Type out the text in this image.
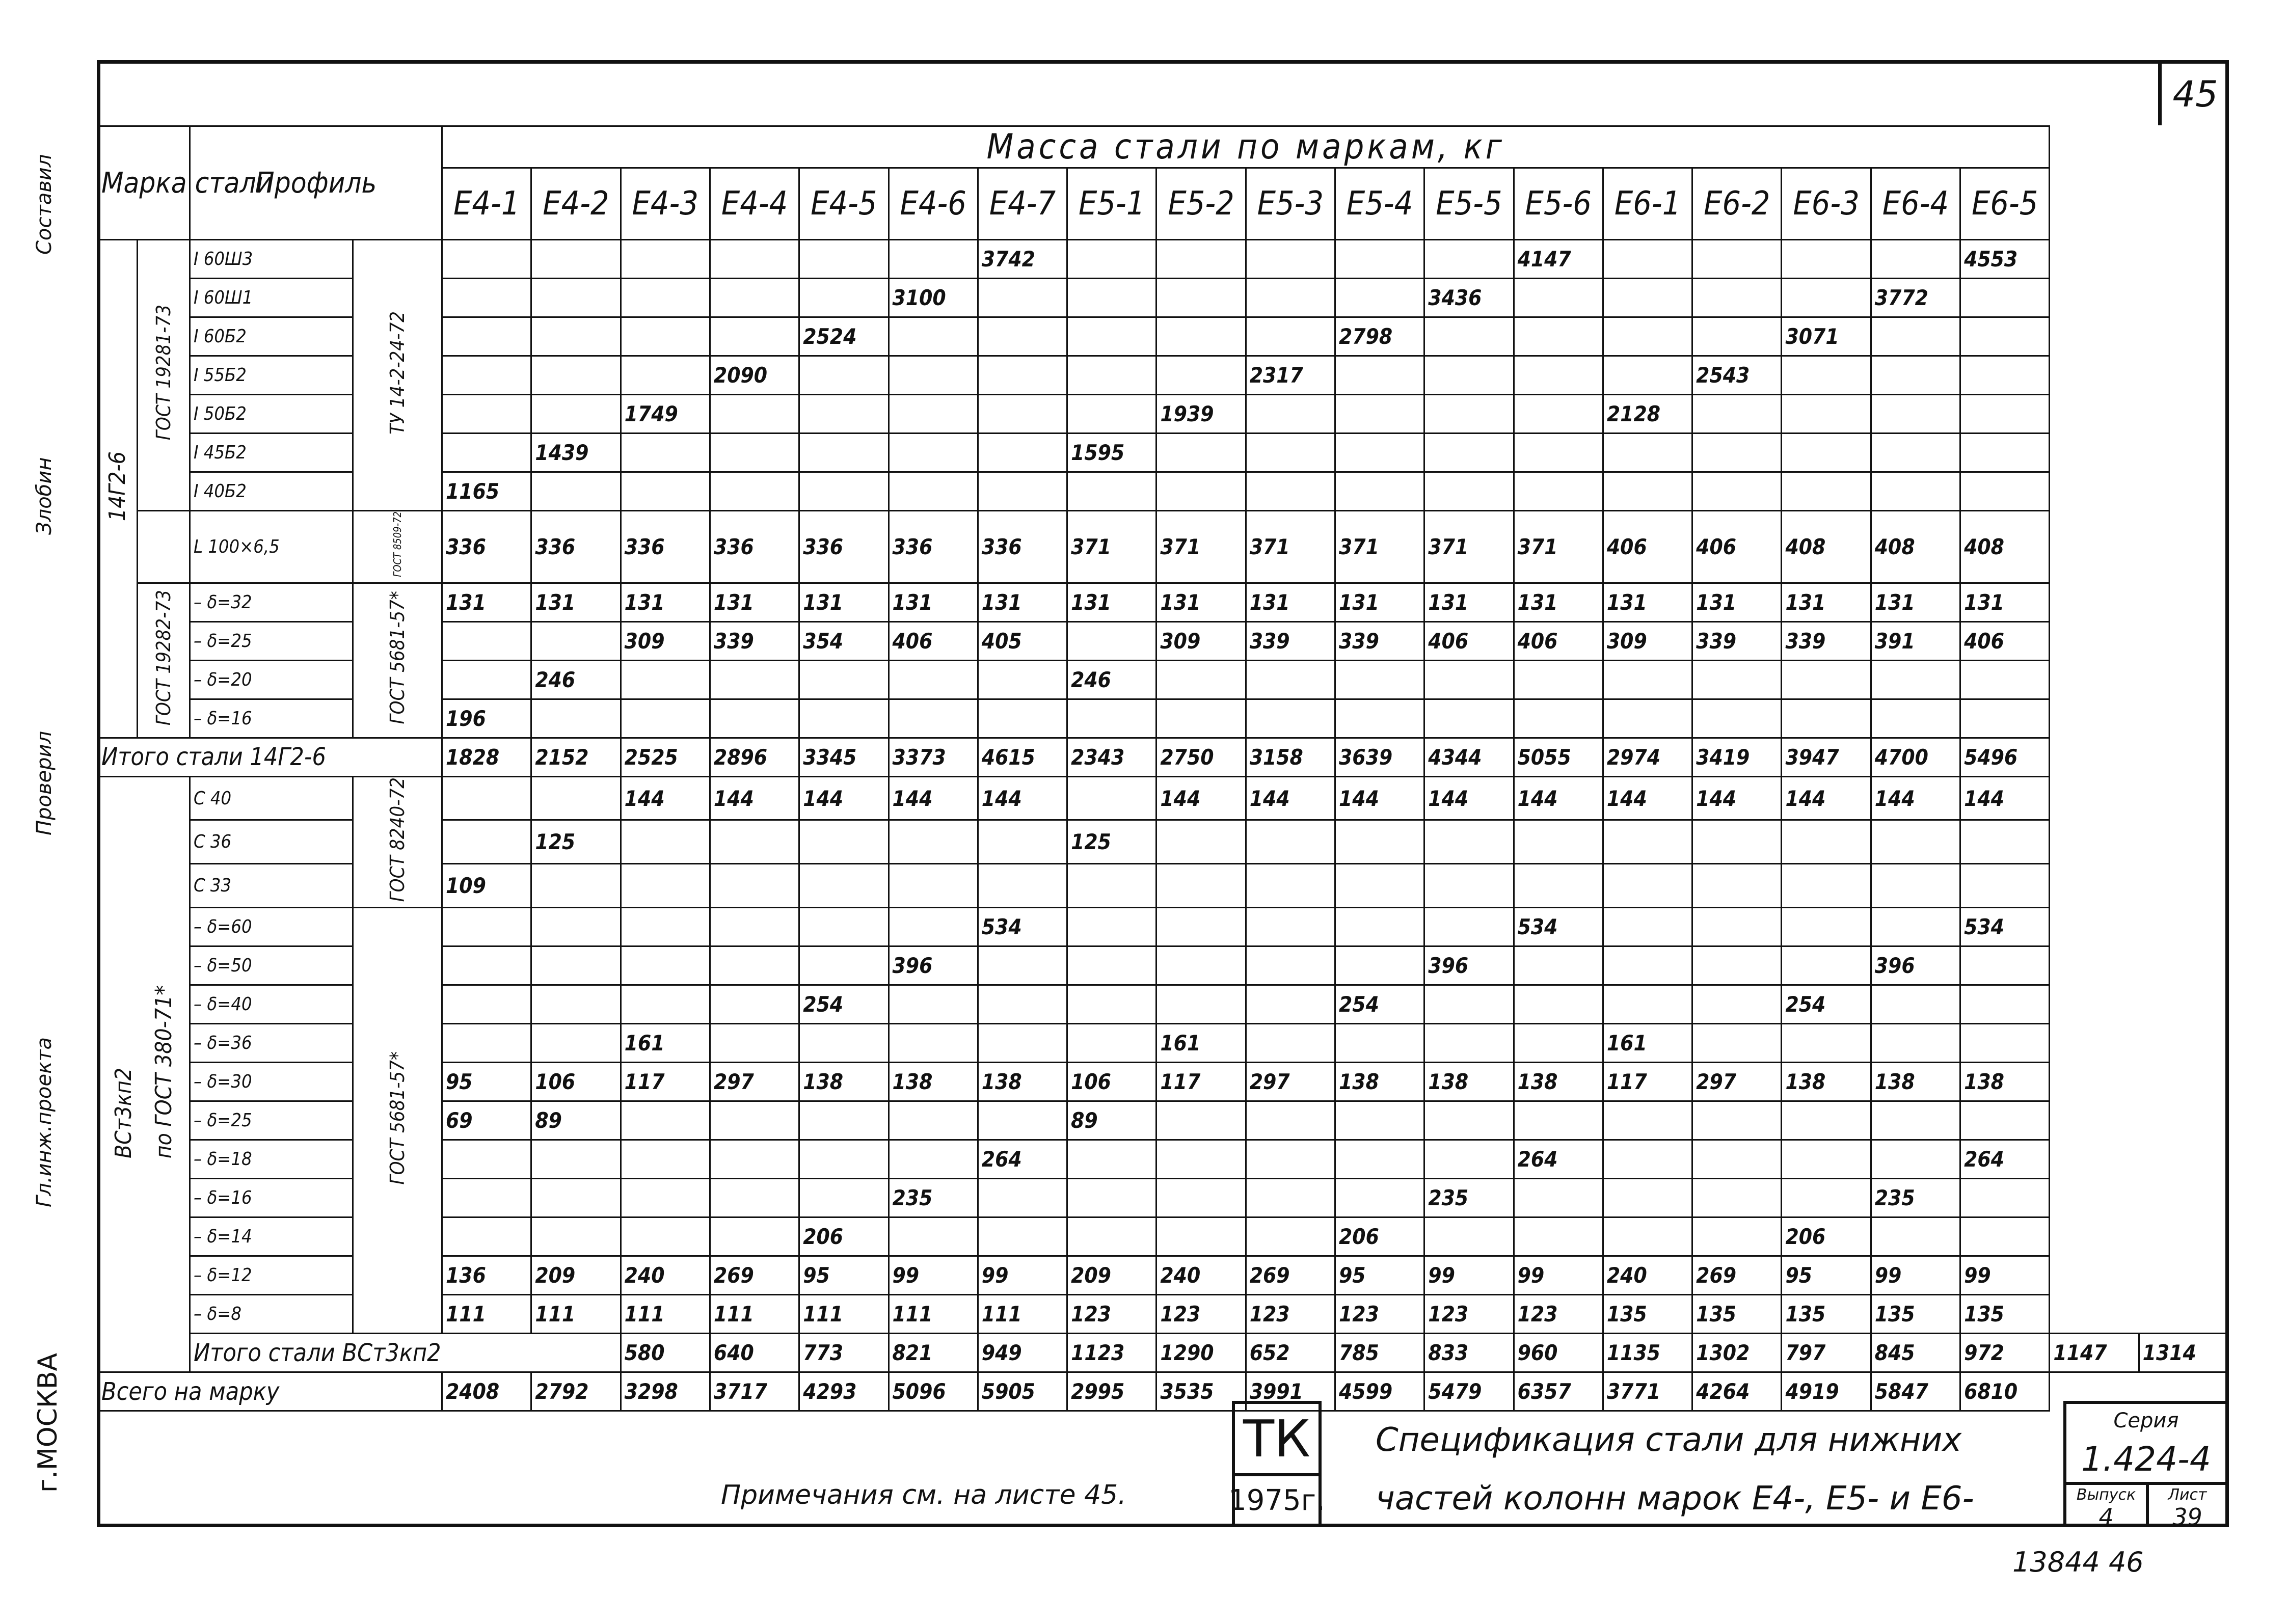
45
Марка стали		Профиль		Масса стали по маркам, кг																			
				Е4-1	Е4-2	Е4-3	Е4-4	Е4-5	Е4-6	Е4-7	Е5-1	Е5-2	Е5-3	Е5-4	Е5-5	Е5-6	Е6-1	Е6-2	Е6-3	Е6-4	Е6-5		
14Г2-6	ГОСТ 19281-73	I 60Ш3	ТУ 14-2-24-72							3742						4147					4553		
		I 60Ш1							3100						3436					3772			
		I 60Б2						2524						2798					3071				
		I 55Б2					2090						2317					2543					
		I 50Б2				1749						1939					2128						
		I 45Б2			1439						1595												
		I 40Б2		1165																			
		L 100×6,5	ГОСТ 8509-72	336	336	336	336	336	336	336	371	371	371	371	371	371	406	406	408	408	408		
	ГОСТ 19282-73	– δ=32	ГОСТ 5681-57*	131	131	131	131	131	131	131	131	131	131	131	131	131	131	131	131	131	131		
		– δ=25				309	339	354	406	405		309	339	339	406	406	309	339	339	391	406		
		– δ=20			246						246												
		– δ=16		196																			
Итого стали 14Г2-6				1828	2152	2525	2896	3345	3373	4615	2343	2750	3158	3639	4344	5055	2974	3419	3947	4700	5496		
ВСт3кп2 по ГОСТ 380-71*		С 40	ГОСТ 8240-72			144	144	144	144	144		144	144	144	144	144	144	144	144	144	144		
		С 36			125						125												
		С 33		109																			
		– δ=60	ГОСТ 5681-57*							534						534					534		
		– δ=50							396						396					396			
		– δ=40						254						254					254				
		– δ=36				161						161					161						
		– δ=30		95	106	117	297	138	138	138	106	117	297	138	138	138	117	297	138	138	138		
		– δ=25		69	89						89												
		– δ=18								264						264					264		
		– δ=16							235						235					235			
		– δ=14						206						206					206				
		– δ=12		136	209	240	269	95	99	99	209	240	269	95	99	99	240	269	95	99	99		
		– δ=8		111	111	111	111	111	111	111	123	123	123	123	123	123	135	135	135	135	135		
		Итого стали ВСт3кп2				580	640	773	821	949	1123	1290	652	785	833	960	1135	1302	797	845	972	1147	1314
Всего на марку				2408	2792	3298	3717	4293	5096	5905	2995	3535	3991	4599	5479	6357	3771	4264	4919	5847	6810		
Составил
Злобин
Проверил
Гл.инж.проекта
г.МОСКВА
Примечания см. на листе 45.
ТК
1975г.
Спецификация стали для нижних
частей колонн марок Е4-, Е5- и Е6-
Серия
1.424-4
Выпуск
4
Лист
39
13844 46
